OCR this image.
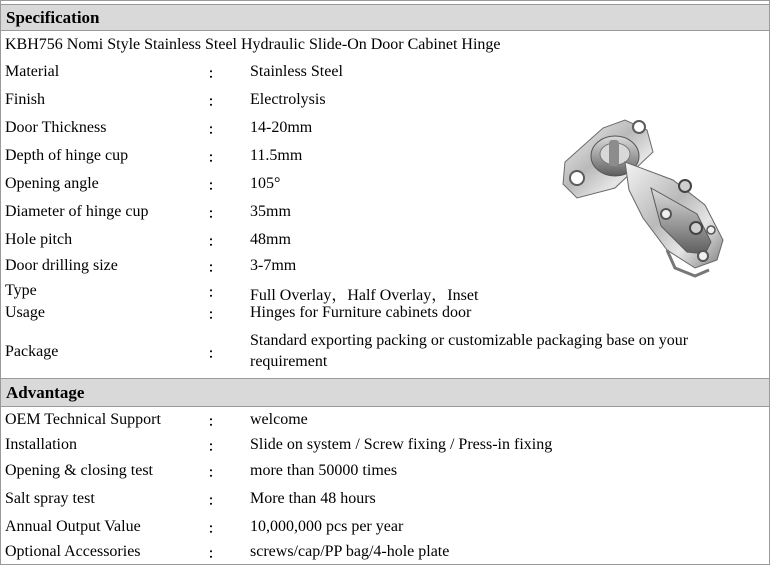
Specification
KBH756 Nomi Style Stainless Steel Hydraulic Slide-On Door Cabinet Hinge
Material	： Stainless Steel
Finish	： Electrolysis
Door Thickness	： 14-20mm
Depth of hinge cup	： 11.5mm
Opening angle	： 105°
Diameter of hinge cup	： 35mm
Hole pitch	： 48mm
Door drilling size	： 3-7mm
Type	： Full Overlay，Half Overlay，Inset
Usage	： Hinges for Furniture cabinets door
Package	：
Standard exporting packing or customizable packaging base on your requirement
Advantage
OEM Technical Support	： welcome
Installation	： Slide on system / Screw fixing / Press-in fixing
Opening & closing test	： more than 50000 times
Salt spray test	： More than 48 hours
Annual Output Value	： 10,000,000 pcs per year
Optional Accessories	： screws/cap/PP bag/4-hole plate
